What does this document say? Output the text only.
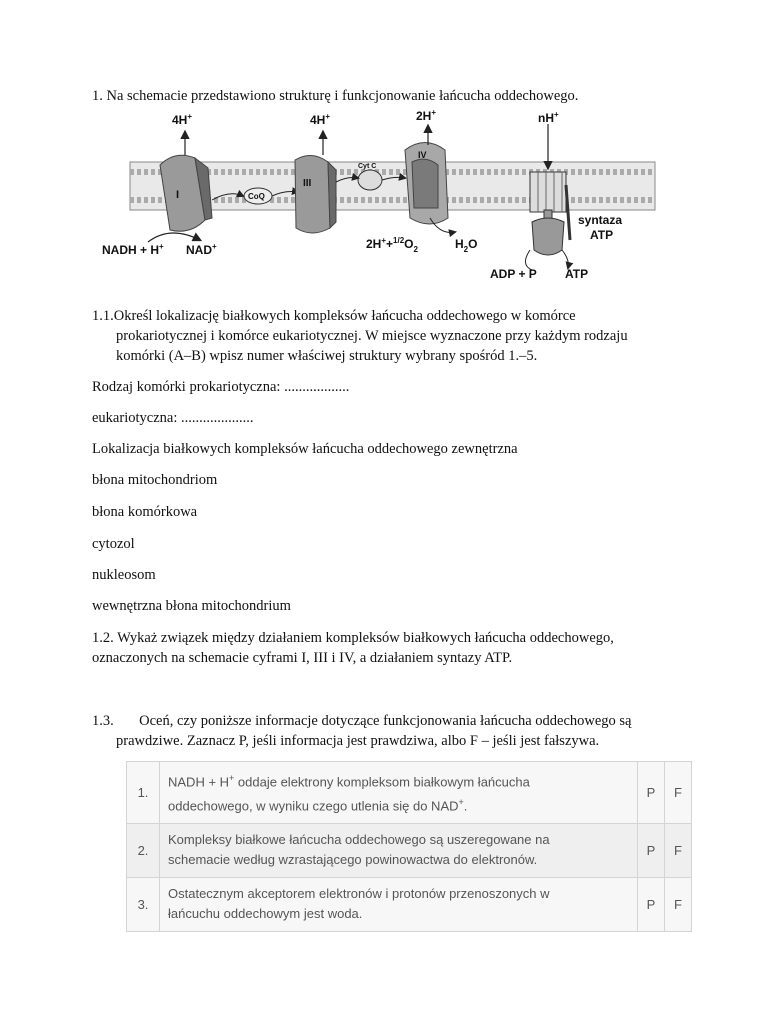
1. Na schemacie przedstawiono strukturę i funkcjonowanie łańcucha oddechowego.
I
4H+
CoQ
III
4H+
Cyt C
IV
2H+	nH+
syntaza
ATP
NADH + H+ NAD+	$2H^++^{1/2}O_2$	$H_2O$
ADP + P ATP
1.1.Określ lokalizację białkowych kompleksów łańcucha oddechowego w komórce
prokariotycznej i komórce eukariotycznej. W miejsce wyznaczone przy każdym rodzaju
komórki (A–B) wpisz numer właściwej struktury wybrany spośród 1.–5.
Rodzaj komórki prokariotyczna: ..................
eukariotyczna: ....................
Lokalizacja białkowych kompleksów łańcucha oddechowego zewnętrzna
błona mitochondriom
błona komórkowa
cytozol
nukleosom
wewnętrzna błona mitochondrium
1.2. Wykaż związek między działaniem kompleksów białkowych łańcucha oddechowego,
oznaczonych na schemacie cyframi I, III i IV, a działaniem syntazy ATP.
1.3.       Oceń, czy poniższe informacje dotyczące funkcjonowania łańcucha oddechowego są
prawdziwe. Zaznacz P, jeśli informacja jest prawdziwa, albo F – jeśli jest fałszywa.
1.	NADH + H+ oddaje elektrony kompleksom białkowym łańcucha
oddechowego, w wyniku czego utlenia się do NAD+.	P	F
2.	Kompleksy białkowe łańcucha oddechowego są uszeregowane na
schemacie według wzrastającego powinowactwa do elektronów.	P	F
3.	Ostatecznym akceptorem elektronów i protonów przenoszonych w
łańcuchu oddechowym jest woda.	P	F
